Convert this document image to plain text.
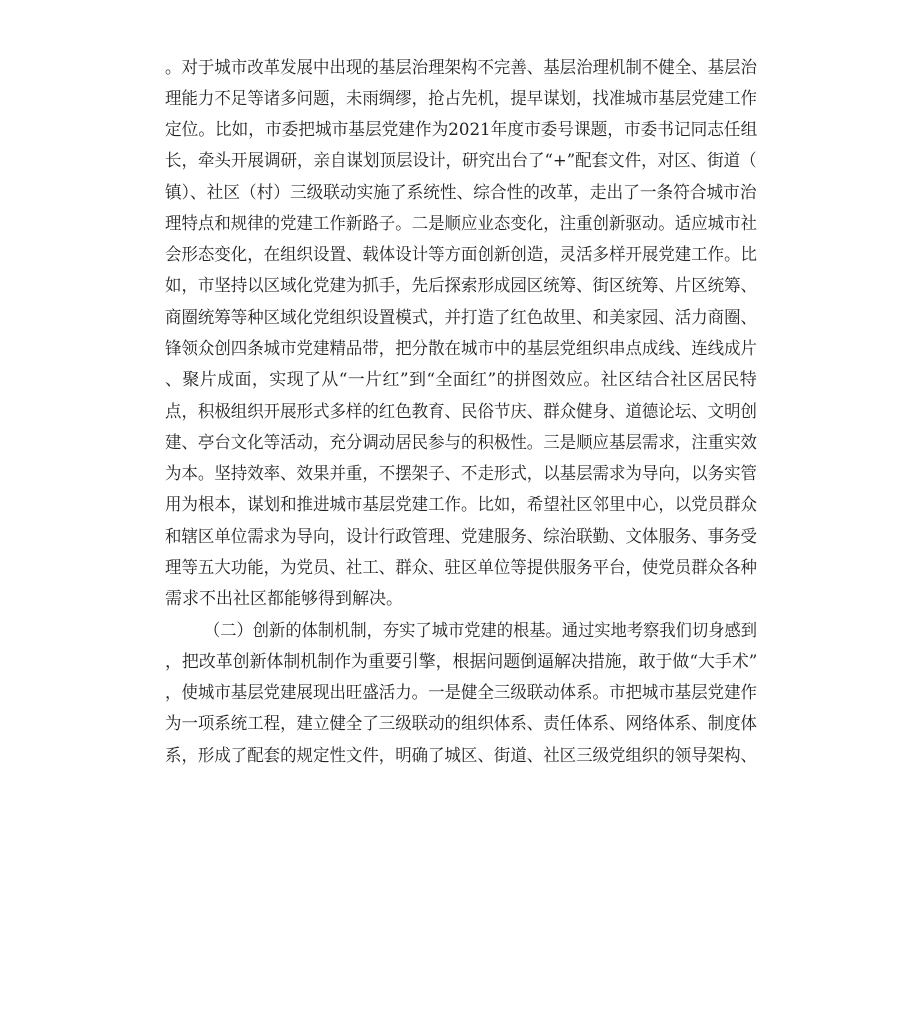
。对于城市改革发展中出现的基层治理架构不完善、基层治理机制不健全、基层治
理能力不足等诸多问题，未雨绸缪，抢占先机，提早谋划，找准城市基层党建工作
定位。比如，市委把城市基层党建作为2021年度市委号课题，市委书记同志任组
长，牵头开展调研，亲自谋划顶层设计，研究出台了“+”配套文件，对区、街道（
镇）、社区（村）三级联动实施了系统性、综合性的改革，走出了一条符合城市治
理特点和规律的党建工作新路子。二是顺应业态变化，注重创新驱动。适应城市社
会形态变化，在组织设置、载体设计等方面创新创造，灵活多样开展党建工作。比
如，市坚持以区域化党建为抓手，先后探索形成园区统筹、街区统筹、片区统筹、
商圈统筹等种区域化党组织设置模式，并打造了红色故里、和美家园、活力商圈、
锋领众创四条城市党建精品带，把分散在城市中的基层党组织串点成线、连线成片
、聚片成面，实现了从“一片红”到“全面红”的拼图效应。社区结合社区居民特
点，积极组织开展形式多样的红色教育、民俗节庆、群众健身、道德论坛、文明创
建、亭台文化等活动，充分调动居民参与的积极性。三是顺应基层需求，注重实效
为本。坚持效率、效果并重，不摆架子、不走形式，以基层需求为导向，以务实管
用为根本，谋划和推进城市基层党建工作。比如，希望社区邻里中心，以党员群众
和辖区单位需求为导向，设计行政管理、党建服务、综治联勤、文体服务、事务受
理等五大功能，为党员、社工、群众、驻区单位等提供服务平台，使党员群众各种
需求不出社区都能够得到解决。
（二）创新的体制机制，夯实了城市党建的根基。通过实地考察我们切身感到
，把改革创新体制机制作为重要引擎，根据问题倒逼解决措施，敢于做“大手术”
，使城市基层党建展现出旺盛活力。一是健全三级联动体系。市把城市基层党建作
为一项系统工程，建立健全了三级联动的组织体系、责任体系、网络体系、制度体
系，形成了配套的规定性文件，明确了城区、街道、社区三级党组织的领导架构、
